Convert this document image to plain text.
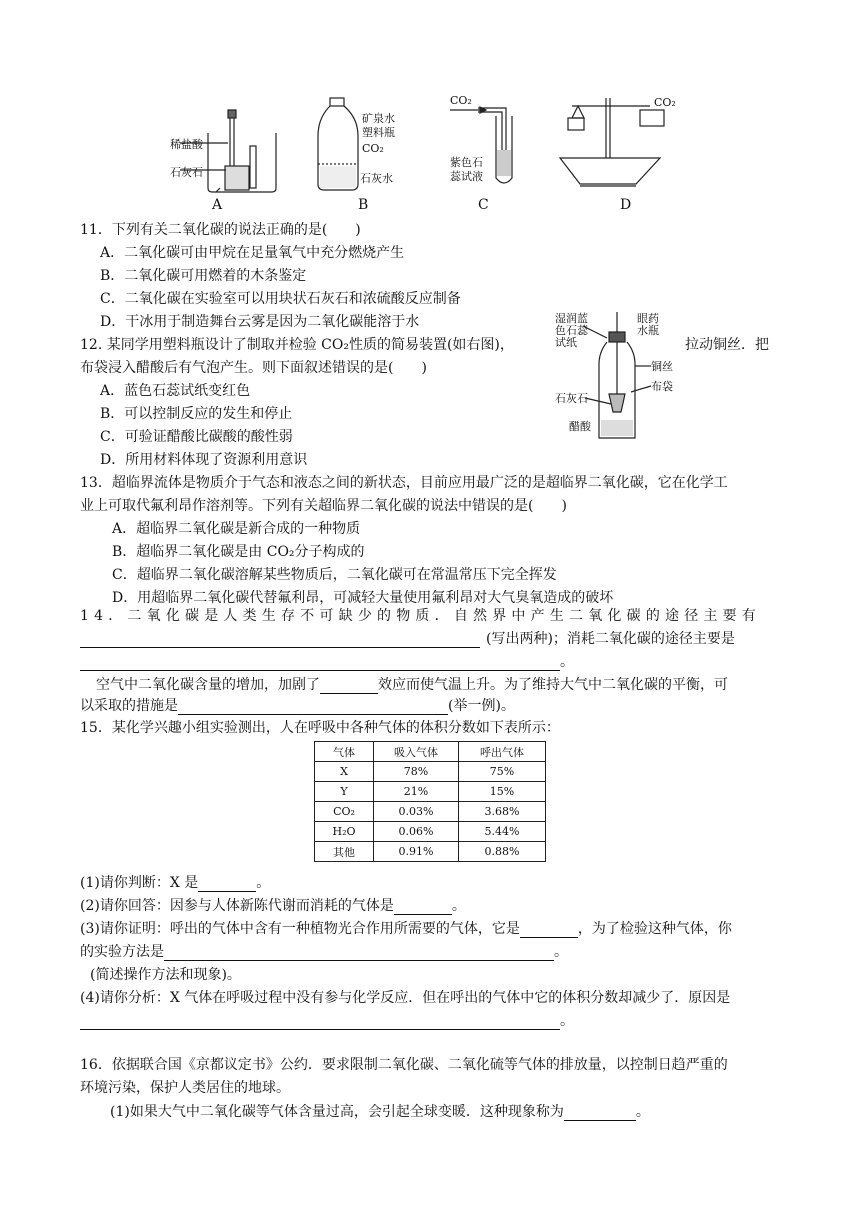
稀盐酸
石灰石
A
矿泉水
塑料瓶
CO₂
石灰水
B
CO₂
紫色石
蕊试液
C
CO₂
D
11．下列有关二氧化碳的说法正确的是(　　)
A．二氧化碳可由甲烷在足量氧气中充分燃烧产生
B．二氧化碳可用燃着的木条鉴定
C．二氧化碳在实验室可以用块状石灰石和浓硫酸反应制备
D．干冰用于制造舞台云雾是因为二氧化碳能溶于水
12. 某同学用塑料瓶设计了制取并检验 CO₂性质的简易装置(如右图)，	拉动铜丝．把
布袋浸入醋酸后有气泡产生。则下面叙述错误的是(　　)
A．蓝色石蕊试纸变红色
B．可以控制反应的发生和停止
C．可验证醋酸比碳酸的酸性弱
D．所用材料体现了资源利用意识
湿润蓝
色石蕊
试纸
眼药
水瓶
铜丝
布袋
石灰石
醋酸
13．超临界流体是物质介于气态和液态之间的新状态，目前应用最广泛的是超临界二氧化碳，它在化学工
业上可取代氟利昂作溶剂等。下列有关超临界二氧化碳的说法中错误的是(　　)
A．超临界二氧化碳是新合成的一种物质
B．超临界二氧化碳是由 CO₂分子构成的
C．超临界二氧化碳溶解某些物质后，二氧化碳可在常温常压下完全挥发
D．用超临界二氧化碳代替氟利昂，可减轻大量使用氟利昂对大气臭氧造成的破坏
14．二氧化碳是人类生存不可缺少的物质．自然界中产生二氧化碳的途径主要有
(写出两种)；消耗二氧化碳的途径主要是
。
空气中二氧化碳含量的增加，加剧了	效应而使气温上升。为了维持大气中二氧化碳的平衡，可
以采取的措施是	(举一例)。
15．某化学兴趣小组实验测出，人在呼吸中各种气体的体积分数如下表所示：
气体	吸入气体	呼出气体
X	78%	75%
Y	21%	15%
CO₂	0.03%	3.68%
H₂O	0.06%	5.44%
其他	0.91%	0.88%
(1)请你判断：X 是	。
(2)请你回答：因参与人体新陈代谢而消耗的气体是	。
(3)请你证明：呼出的气体中含有一种植物光合作用所需要的气体，它是	，为了检验这种气体，你
的实验方法是	。
(简述操作方法和现象)。
(4)请你分析：X 气体在呼吸过程中没有参与化学反应．但在呼出的气体中它的体积分数却减少了．原因是
。
16．依据联合国《京都议定书》公约．要求限制二氧化碳、二氧化硫等气体的排放量，以控制日趋严重的
环境污染，保护人类居住的地球。
(1)如果大气中二氧化碳等气体含量过高，会引起全球变暖．这种现象称为	。
